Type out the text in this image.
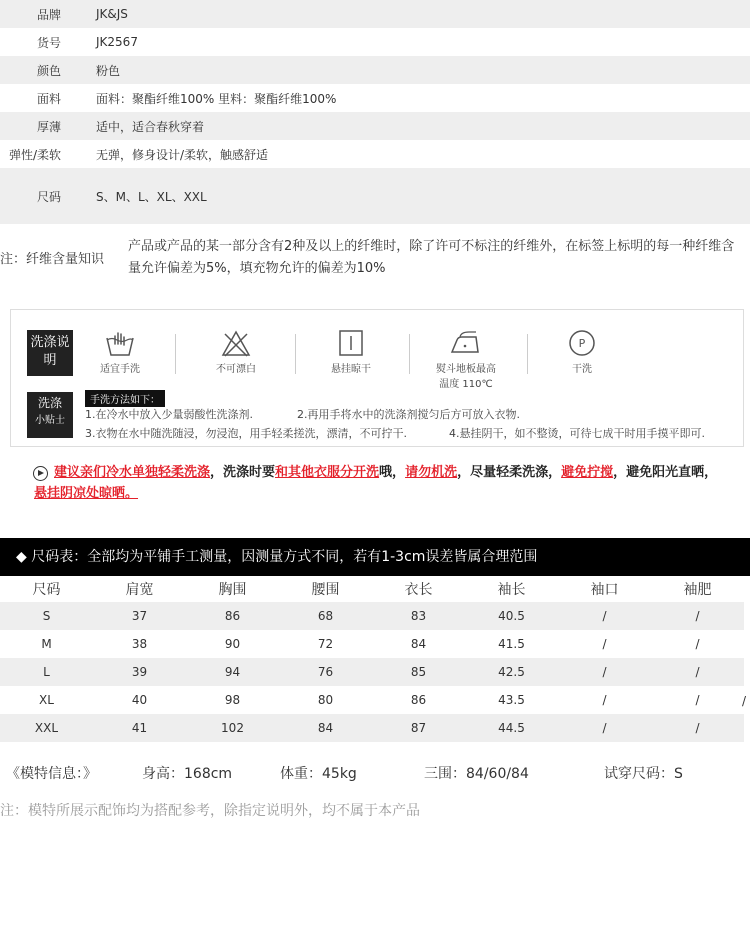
品牌	JK&JS
货号	JK2567
颜色	粉色
面料	面料：聚酯纤维100% 里料：聚酯纤维100%
厚薄	适中，适合春秋穿着
弹性/柔软	无弹，修身设计/柔软，触感舒适
尺码	S、M、L、XL、XXL
注：纤维含量知识
产品或产品的某一部分含有2种及以上的纤维时，除了许可不标注的纤维外，在标签上标明的每一种纤维含量允许偏差为5%，填充物允许的偏差为10%
洗涤说明
适宜手洗	不可漂白	悬挂晾干	熨斗地板最高
温度 110℃
P
干洗
洗涤
小贴士
手洗方法如下：
1.在冷水中放入少量弱酸性洗涤剂.	2.再用手将水中的洗涤剂搅匀后方可放入衣物.
3.衣物在水中随洗随浸，勿浸泡，用手轻柔搓洗，漂清，不可拧干.	4.悬挂阴干，如不整烫，可待七成干时用手摸平即可.
建议亲们冷水单独轻柔洗涤，洗涤时要和其他衣服分开洗哦，请勿机洗，尽量轻柔洗涤，避免拧搅，避免阳光直晒，悬挂阴凉处晾晒。
◆ 尺码表：全部均为平铺手工测量，因测量方式不同，若有1-3cm误差皆属合理范围
尺码	肩宽	胸围	腰围	衣长	袖长	袖口	袖肥
S	37	86	68	83	40.5	/	/
M	38	90	72	84	41.5	/	/
L	39	94	76	85	42.5	/	/
XL	40	98	80	86	43.5	/	/
XXL	41	102	84	87	44.5	/	/
/
《模特信息：》	身高：168cm	体重：45kg	三围：84/60/84	试穿尺码：S
注：模特所展示配饰均为搭配参考，除指定说明外，均不属于本产品
